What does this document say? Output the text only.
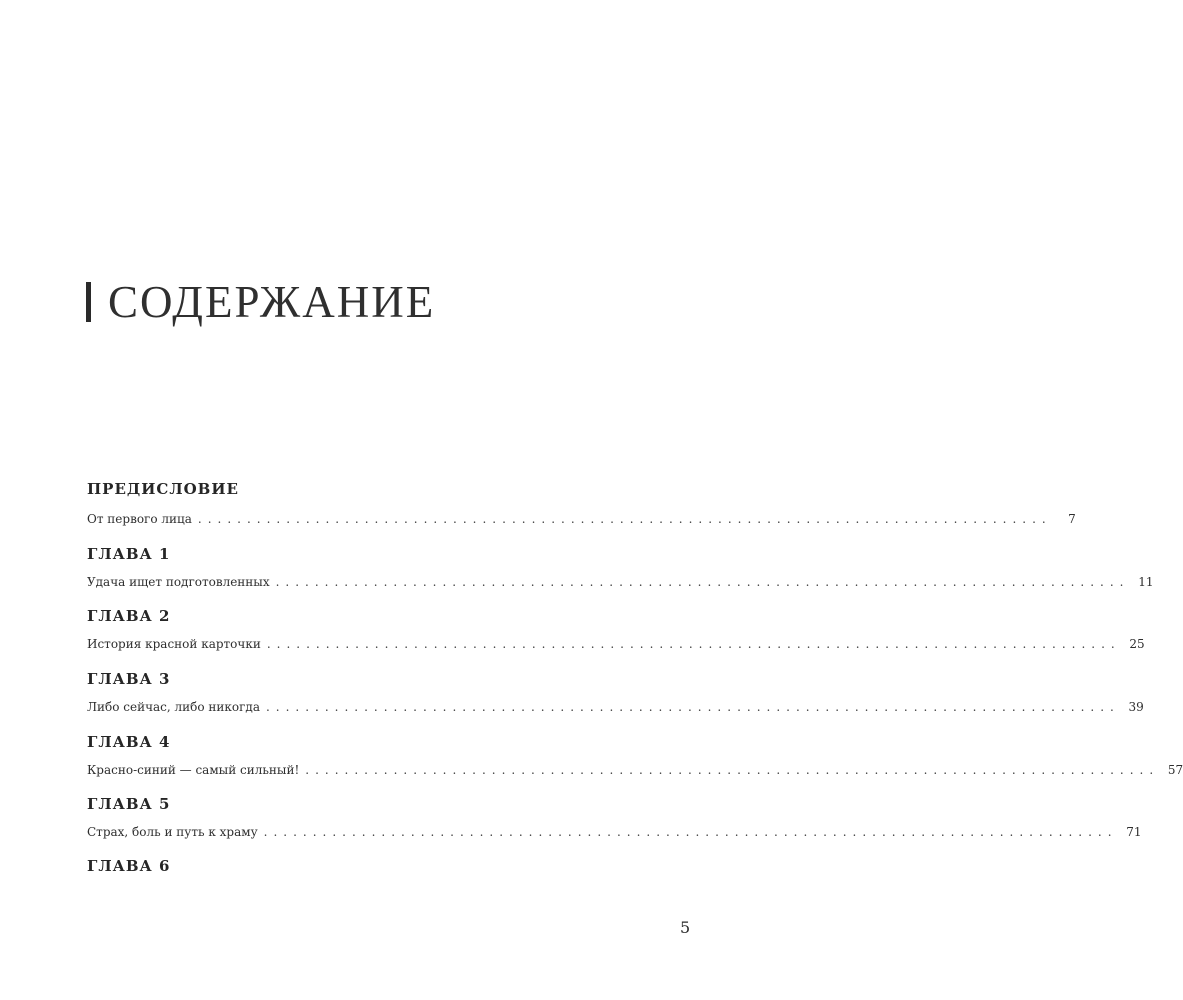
СОДЕРЖАНИЕ
ПРЕДИСЛОВИЕ
От первого лица .......................................................................................	7
ГЛАВА 1
Удача ищет подготовленных ....................................................................................... 11
ГЛАВА 2
История красной карточки ....................................................................................... 25
ГЛАВА 3
Либо сейчас, либо никогда ....................................................................................... 39
ГЛАВА 4
Красно-синий — самый сильный! ....................................................................................... 57
ГЛАВА 5
Страх, боль и путь к храму ....................................................................................... 71
ГЛАВА 6
5
